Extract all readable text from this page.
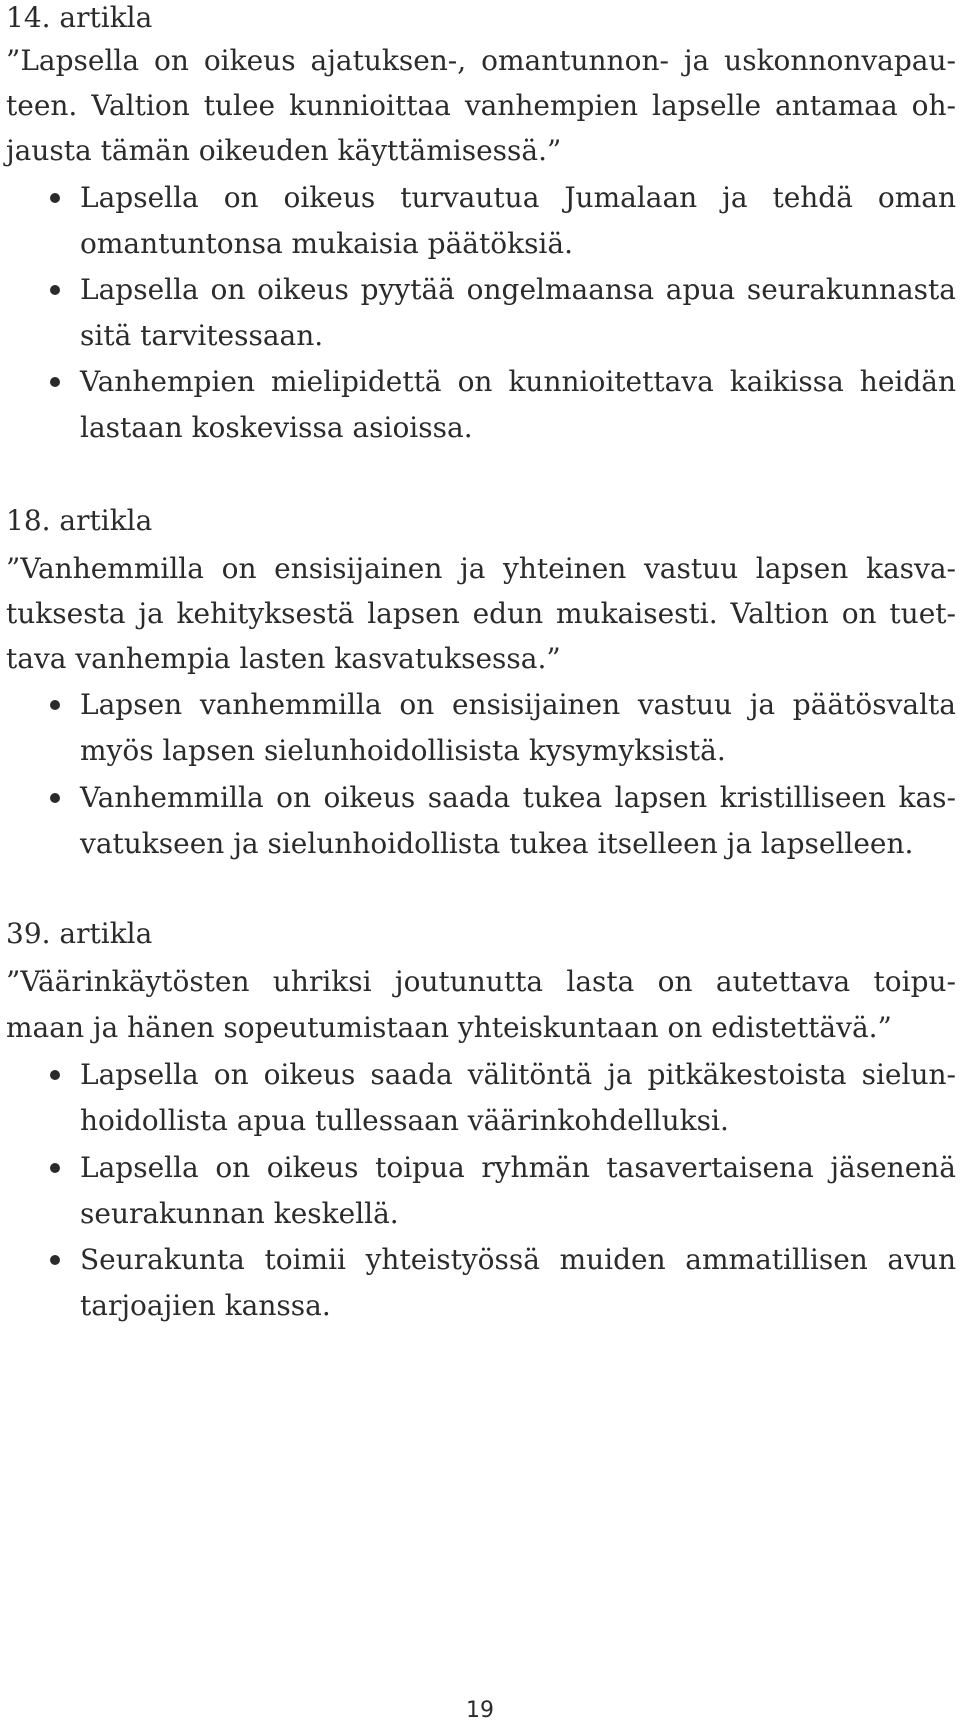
14. artikla
”Lapsella on oikeus ajatuksen-, omantunnon- ja uskonnonvapau-
teen. Valtion tulee kunnioittaa vanhempien lapselle antamaa oh-
jausta tämän oikeuden käyttämisessä.”
Lapsella on oikeus turvautua Jumalaan ja tehdä oman
omantuntonsa mukaisia päätöksiä.
Lapsella on oikeus pyytää ongelmaansa apua seurakunnasta
sitä tarvitessaan.
Vanhempien mielipidettä on kunnioitettava kaikissa heidän
lastaan koskevissa asioissa.
18. artikla
”Vanhemmilla on ensisijainen ja yhteinen vastuu lapsen kasva-
tuksesta ja kehityksestä lapsen edun mukaisesti. Valtion on tuet-
tava vanhempia lasten kasvatuksessa.”
Lapsen vanhemmilla on ensisijainen vastuu ja päätösvalta
myös lapsen sielunhoidollisista kysymyksistä.
Vanhemmilla on oikeus saada tukea lapsen kristilliseen kas-
vatukseen ja sielunhoidollista tukea itselleen ja lapselleen.
39. artikla
”Väärinkäytösten uhriksi joutunutta lasta on autettava toipu-
maan ja hänen sopeutumistaan yhteiskuntaan on edistettävä.”
Lapsella on oikeus saada välitöntä ja pitkäkestoista sielun-
hoidollista apua tullessaan väärinkohdelluksi.
Lapsella on oikeus toipua ryhmän tasavertaisena jäsenenä
seurakunnan keskellä.
Seurakunta toimii yhteistyössä muiden ammatillisen avun
tarjoajien kanssa.
19
